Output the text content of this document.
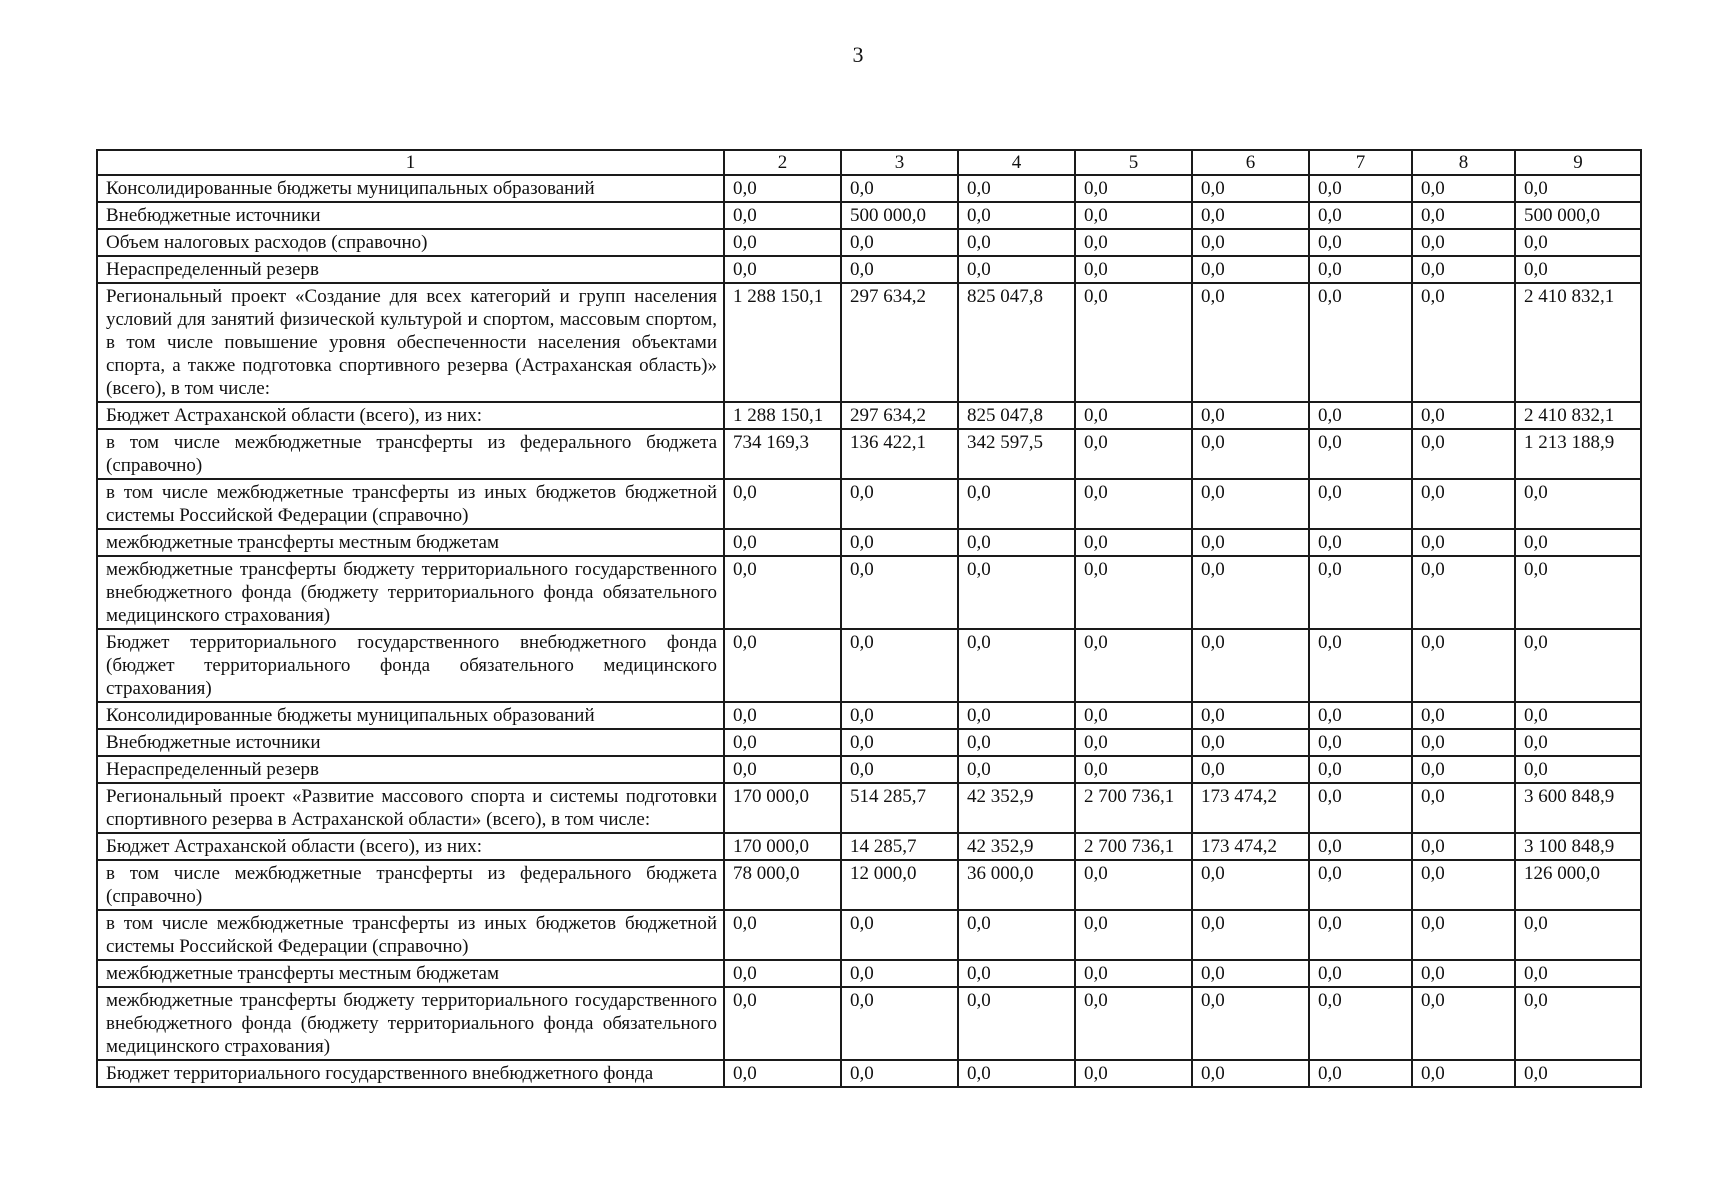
3
1	2	3	4	5	6	7	8	9
Консолидированные бюджеты муниципальных образований	0,0	0,0	0,0	0,0	0,0	0,0	0,0	0,0
Внебюджетные источники	0,0	500 000,0	0,0	0,0	0,0	0,0	0,0	500 000,0
Объем налоговых расходов (справочно)	0,0	0,0	0,0	0,0	0,0	0,0	0,0	0,0
Нераспределенный резерв	0,0	0,0	0,0	0,0	0,0	0,0	0,0	0,0
Региональный проект «Создание для всех категорий и групп населения условий для занятий физической культурой и спортом, массовым спортом, в том числе повышение уровня обеспеченности населения объектами спорта, а также подготовка спортивного резерва (Астраханская область)» (всего), в том числе:	1 288 150,1	297 634,2	825 047,8	0,0	0,0	0,0	0,0	2 410 832,1
Бюджет Астраханской области (всего), из них:	1 288 150,1	297 634,2	825 047,8	0,0	0,0	0,0	0,0	2 410 832,1
в том числе межбюджетные трансферты из федерального бюджета (справочно)	734 169,3	136 422,1	342 597,5	0,0	0,0	0,0	0,0	1 213 188,9
в том числе межбюджетные трансферты из иных бюджетов бюджетной системы Российской Федерации (справочно)	0,0	0,0	0,0	0,0	0,0	0,0	0,0	0,0
межбюджетные трансферты местным бюджетам	0,0	0,0	0,0	0,0	0,0	0,0	0,0	0,0
межбюджетные трансферты бюджету территориального государственного внебюджетного фонда (бюджету территориального фонда обязательного медицинского страхования)	0,0	0,0	0,0	0,0	0,0	0,0	0,0	0,0
Бюджет территориального государственного внебюджетного фонда (бюджет территориального фонда обязательного медицинского страхования)	0,0	0,0	0,0	0,0	0,0	0,0	0,0	0,0
Консолидированные бюджеты муниципальных образований	0,0	0,0	0,0	0,0	0,0	0,0	0,0	0,0
Внебюджетные источники	0,0	0,0	0,0	0,0	0,0	0,0	0,0	0,0
Нераспределенный резерв	0,0	0,0	0,0	0,0	0,0	0,0	0,0	0,0
Региональный проект «Развитие массового спорта и системы подготовки спортивного резерва в Астраханской области» (всего), в том числе:	170 000,0	514 285,7	42 352,9	2 700 736,1	173 474,2	0,0	0,0	3 600 848,9
Бюджет Астраханской области (всего), из них:	170 000,0	14 285,7	42 352,9	2 700 736,1	173 474,2	0,0	0,0	3 100 848,9
в том числе межбюджетные трансферты из федерального бюджета (справочно)	78 000,0	12 000,0	36 000,0	0,0	0,0	0,0	0,0	126 000,0
в том числе межбюджетные трансферты из иных бюджетов бюджетной системы Российской Федерации (справочно)	0,0	0,0	0,0	0,0	0,0	0,0	0,0	0,0
межбюджетные трансферты местным бюджетам	0,0	0,0	0,0	0,0	0,0	0,0	0,0	0,0
межбюджетные трансферты бюджету территориального государственного внебюджетного фонда (бюджету территориального фонда обязательного медицинского страхования)	0,0	0,0	0,0	0,0	0,0	0,0	0,0	0,0
Бюджет территориального государственного внебюджетного фонда	0,0	0,0	0,0	0,0	0,0	0,0	0,0	0,0
